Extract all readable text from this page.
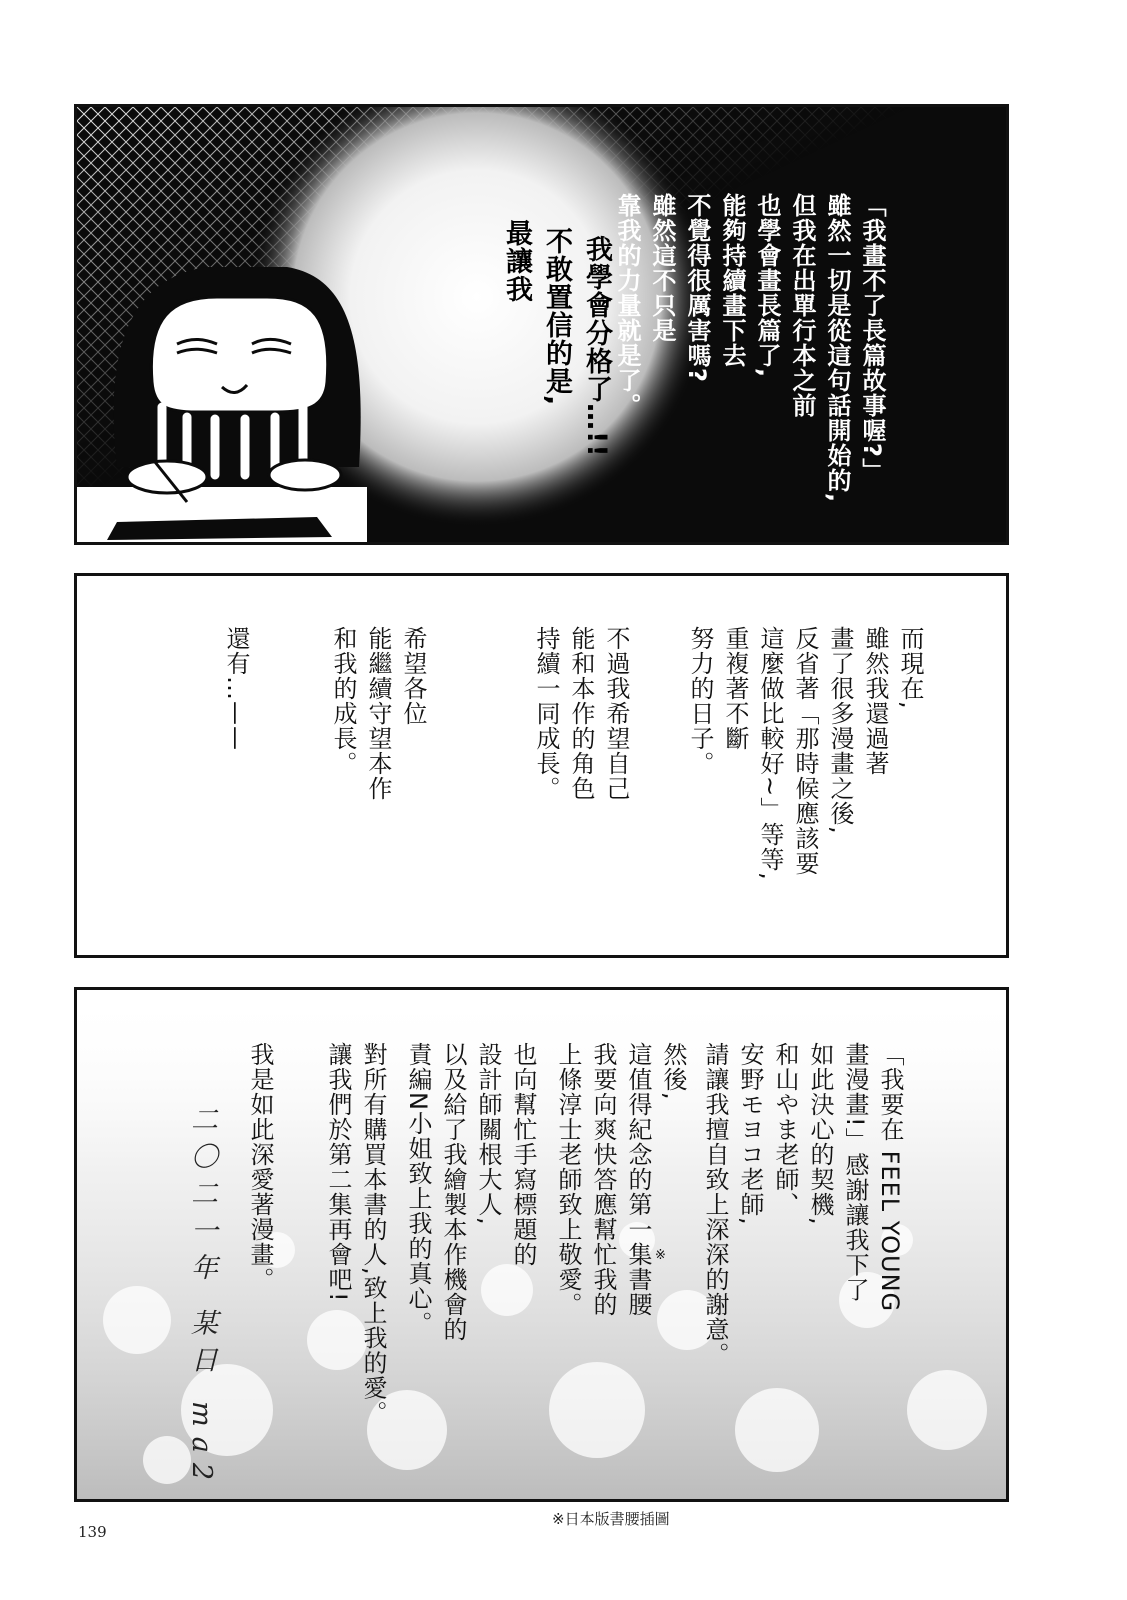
最讓我 不敢置信的是, 我學會分格了…!!	「我畫不了長篇故事喔?」
雖然一切是從這句話開始的,
但我在出單行本之前
也學會畫長篇了,
能夠持續畫下去
不覺得很厲害嗎?
雖然這不只是
靠我的力量就是了。
而現在,
雖然我還過著
畫了很多漫畫之後,
反省著「那時候應該要
這麼做比較好~」等等,
重複著不斷
努力的日子。
不過我希望自己
能和本作的角色
持續一同成長。
希望各位
能繼續守望本作
和我的成長。
還有…——
「我要在 FEEL YOUNG
畫漫畫!」感謝讓我下了
如此決心的契機,
和山やま老師、
安野モヨコ老師,
請讓我擅自致上深深的謝意。
然後,
這值得紀念的第一集書腰
我要向爽快答應幫忙我的
上條淳士老師致上敬愛。
也向幫忙手寫標題的
設計師關根大人,
以及給了我繪製本作機會的
責編N小姐致上我的真心。
對所有購買本書的人,致上我的愛。
讓我們於第二集再會吧!
我是如此深愛著漫畫。
二〇二一年 某日 ma2	※
※日本版書腰插圖
139
